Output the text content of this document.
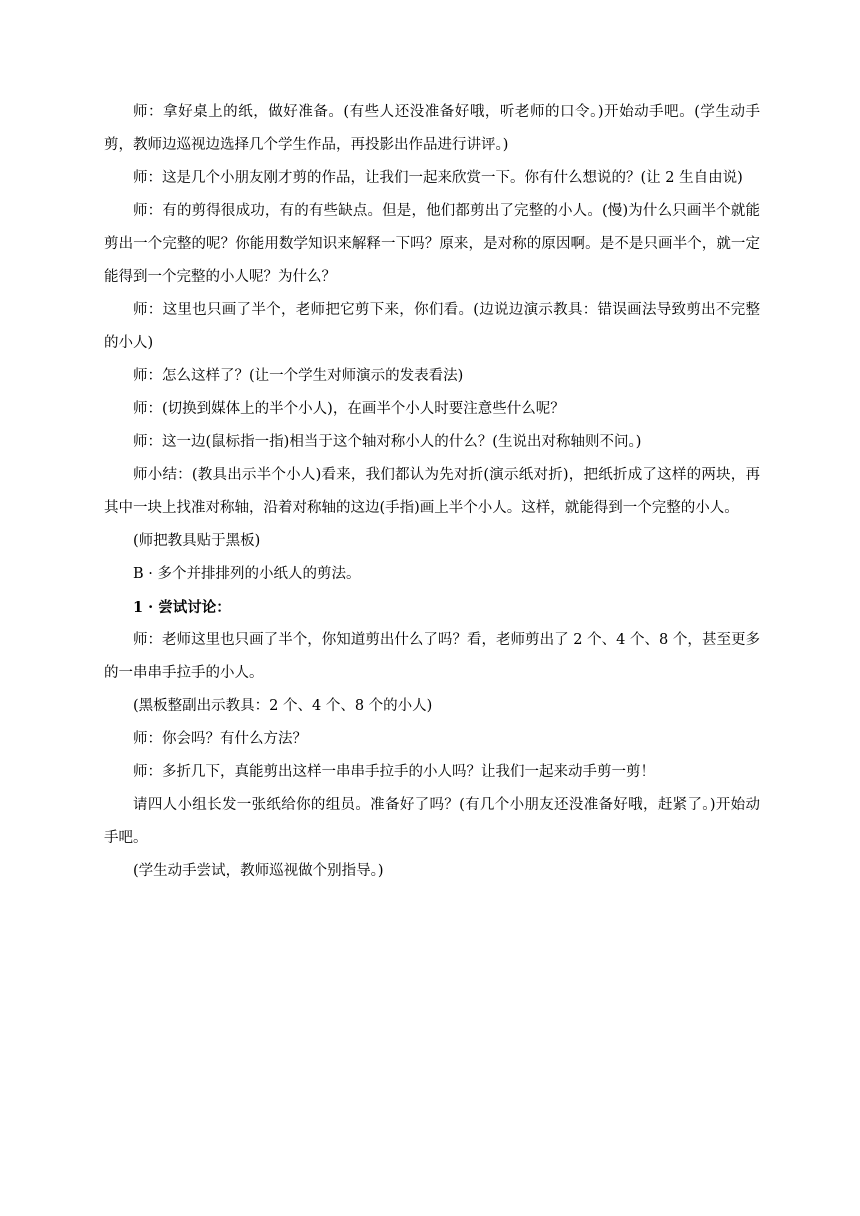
师：拿好桌上的纸，做好准备。(有些人还没准备好哦，听老师的口令。)开始动手吧。(学生动手剪，教师边巡视边选择几个学生作品，再投影出作品进行讲评。)

师：这是几个小朋友刚才剪的作品，让我们一起来欣赏一下。你有什么想说的？(让 2 生自由说)

师：有的剪得很成功，有的有些缺点。但是，他们都剪出了完整的小人。(慢)为什么只画半个就能剪出一个完整的呢？你能用数学知识来解释一下吗？原来，是对称的原因啊。是不是只画半个，就一定能得到一个完整的小人呢？为什么？

师：这里也只画了半个，老师把它剪下来，你们看。(边说边演示教具：错误画法导致剪出不完整的小人)

师：怎么这样了？(让一个学生对师演示的发表看法)

师：(切换到媒体上的半个小人)，在画半个小人时要注意些什么呢？

师：这一边(鼠标指一指)相当于这个轴对称小人的什么？(生说出对称轴则不问。)

师小结：(教具出示半个小人)看来，我们都认为先对折(演示纸对折)，把纸折成了这样的两块，再其中一块上找准对称轴，沿着对称轴的这边(手指)画上半个小人。这样，就能得到一个完整的小人。

(师把教具贴于黑板)

B · 多个并排排列的小纸人的剪法。

1 · 尝试讨论：

师：老师这里也只画了半个，你知道剪出什么了吗？看，老师剪出了 2 个、4 个、8 个，甚至更多的一串串手拉手的小人。

(黑板整副出示教具：2 个、4 个、8 个的小人)

师：你会吗？有什么方法？

师：多折几下，真能剪出这样一串串手拉手的小人吗？让我们一起来动手剪一剪！

请四人小组长发一张纸给你的组员。准备好了吗？(有几个小朋友还没准备好哦，赶紧了。)开始动手吧。

(学生动手尝试，教师巡视做个别指导。)
